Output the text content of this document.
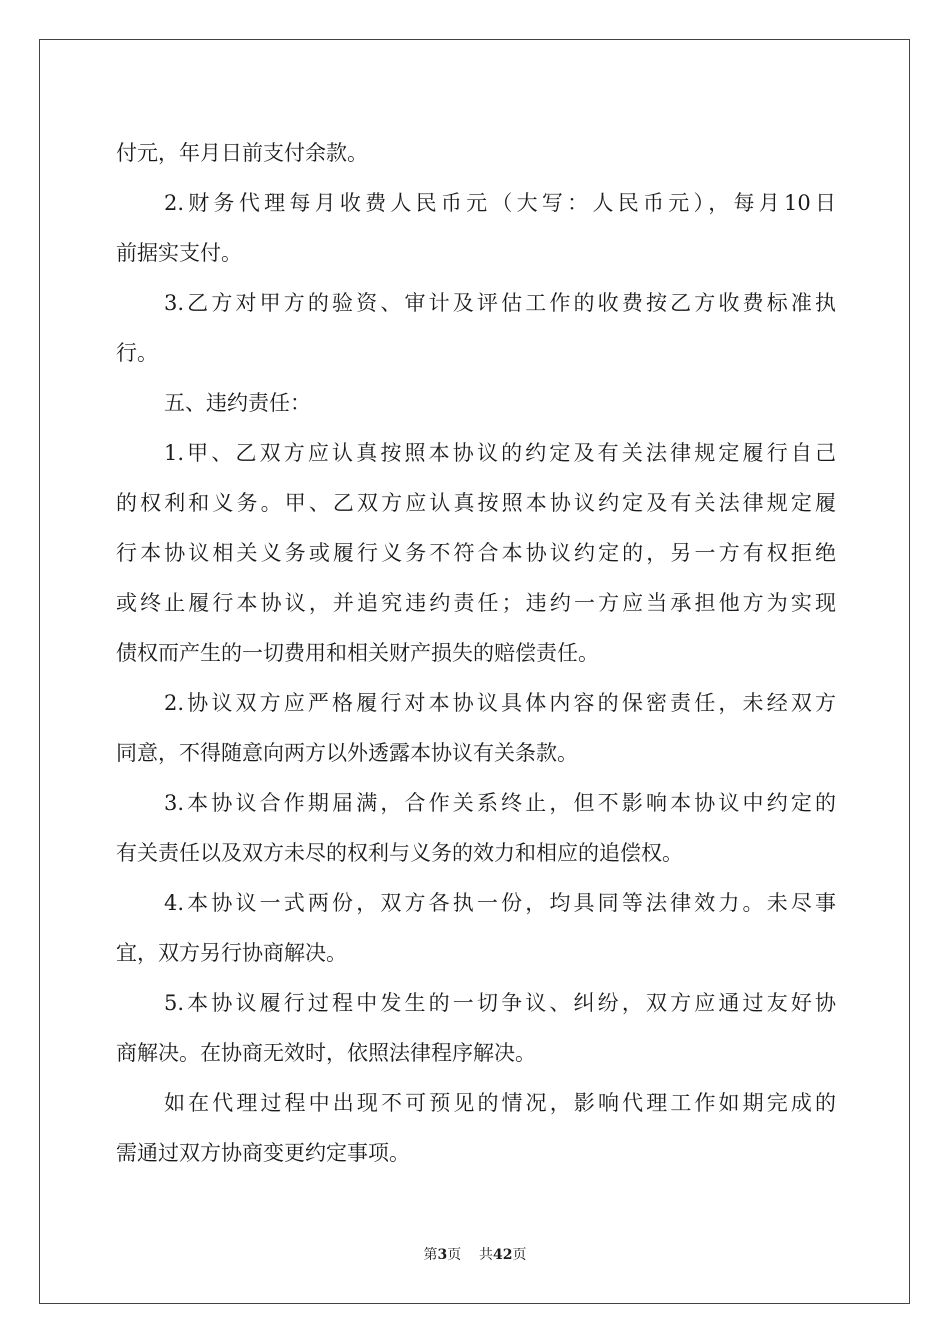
付元，年月日前支付余款。
2.财务代理每月收费人民币元（大写：人民币元），每月10日
前据实支付。
3.乙方对甲方的验资、审计及评估工作的收费按乙方收费标准执
行。
五、违约责任：
1.甲、乙双方应认真按照本协议的约定及有关法律规定履行自己
的权利和义务。甲、乙双方应认真按照本协议约定及有关法律规定履
行本协议相关义务或履行义务不符合本协议约定的，另一方有权拒绝
或终止履行本协议，并追究违约责任；违约一方应当承担他方为实现
债权而产生的一切费用和相关财产损失的赔偿责任。
2.协议双方应严格履行对本协议具体内容的保密责任，未经双方
同意，不得随意向两方以外透露本协议有关条款。
3.本协议合作期届满，合作关系终止，但不影响本协议中约定的
有关责任以及双方未尽的权利与义务的效力和相应的追偿权。
4.本协议一式两份，双方各执一份，均具同等法律效力。未尽事
宜，双方另行协商解决。
5.本协议履行过程中发生的一切争议、纠纷，双方应通过友好协
商解决。在协商无效时，依照法律程序解决。
如在代理过程中出现不可预见的情况，影响代理工作如期完成的
需通过双方协商变更约定事项。
第3页 共42页
